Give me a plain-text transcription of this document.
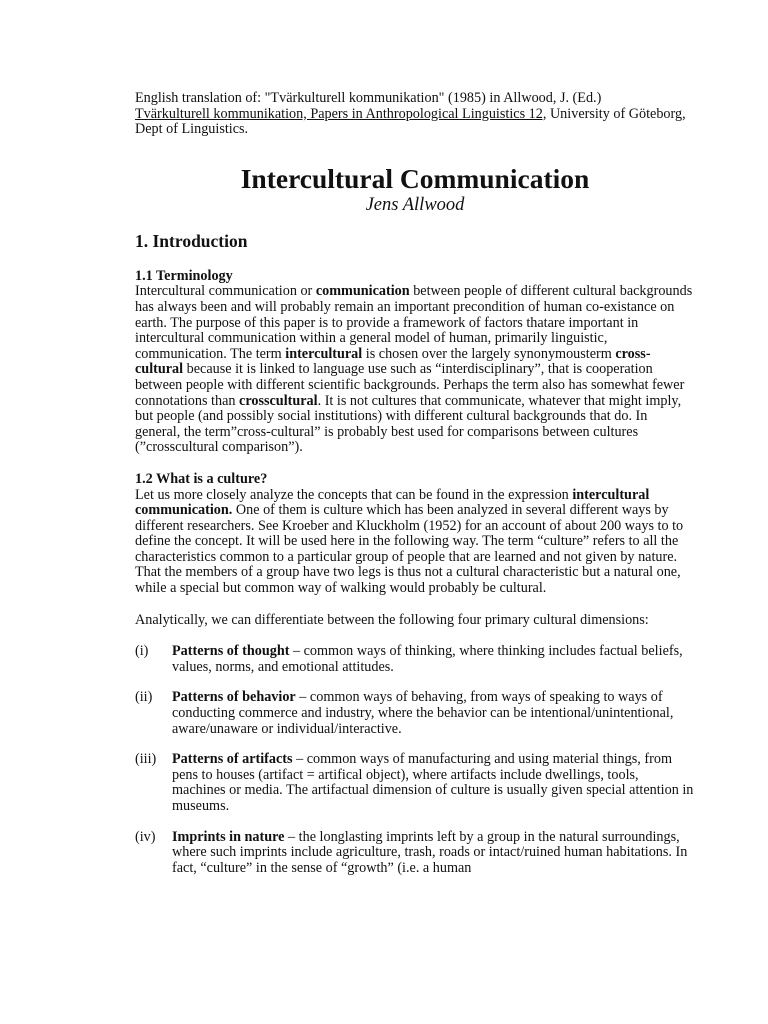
English translation of: "Tvärkulturell kommunikation" (1985) in Allwood, J. (Ed.)
Tvärkulturell kommunikation, Papers in Anthropological Linguistics 12, University of Göteborg, Dept of Linguistics.

Intercultural Communication

Jens Allwood

1. Introduction

1.1 Terminology

Intercultural communication or communication between people of different cultural backgrounds has always been and will probably remain an important precondition of human co-existance on earth. The purpose of this paper is to provide a framework of factors thatare important in intercultural communication within a general model of human, primarily linguistic, communication. The term intercultural is chosen over the largely synonymousterm cross-cultural because it is linked to language use such as “interdisciplinary”, that is cooperation between people with different scientific backgrounds. Perhaps the term also has somewhat fewer connotations than crosscultural. It is not cultures that communicate, whatever that might imply, but people (and possibly social institutions) with different cultural backgrounds that do. In general, the term”cross-cultural” is probably best used for comparisons between cultures (”crosscultural comparison”).

1.2 What is a culture?

Let us more closely analyze the concepts that can be found in the expression intercultural communication. One of them is culture which has been analyzed in several different ways by different researchers. See Kroeber and Kluckholm (1952) for an account of about 200 ways to to define the concept. It will be used here in the following way. The term “culture” refers to all the characteristics common to a particular group of people that are learned and not given by nature. That the members of a group have two legs is thus not a cultural characteristic but a natural one, while a special but common way of walking would probably be cultural.

Analytically, we can differentiate between the following four primary cultural dimensions:

(i) Patterns of thought – common ways of thinking, where thinking includes factual beliefs, values, norms, and emotional attitudes.
(ii) Patterns of behavior – common ways of behaving, from ways of speaking to ways of conducting commerce and industry, where the behavior can be intentional/unintentional, aware/unaware or individual/interactive.
(iii) Patterns of artifacts – common ways of manufacturing and using material things, from pens to houses (artifact = artifical object), where artifacts include dwellings, tools, machines or media. The artifactual dimension of culture is usually given special attention in museums.
(iv) Imprints in nature – the longlasting imprints left by a group in the natural surroundings, where such imprints include agriculture, trash, roads or intact/ruined human habitations. In fact, “culture” in the sense of “growth” (i.e. a human
